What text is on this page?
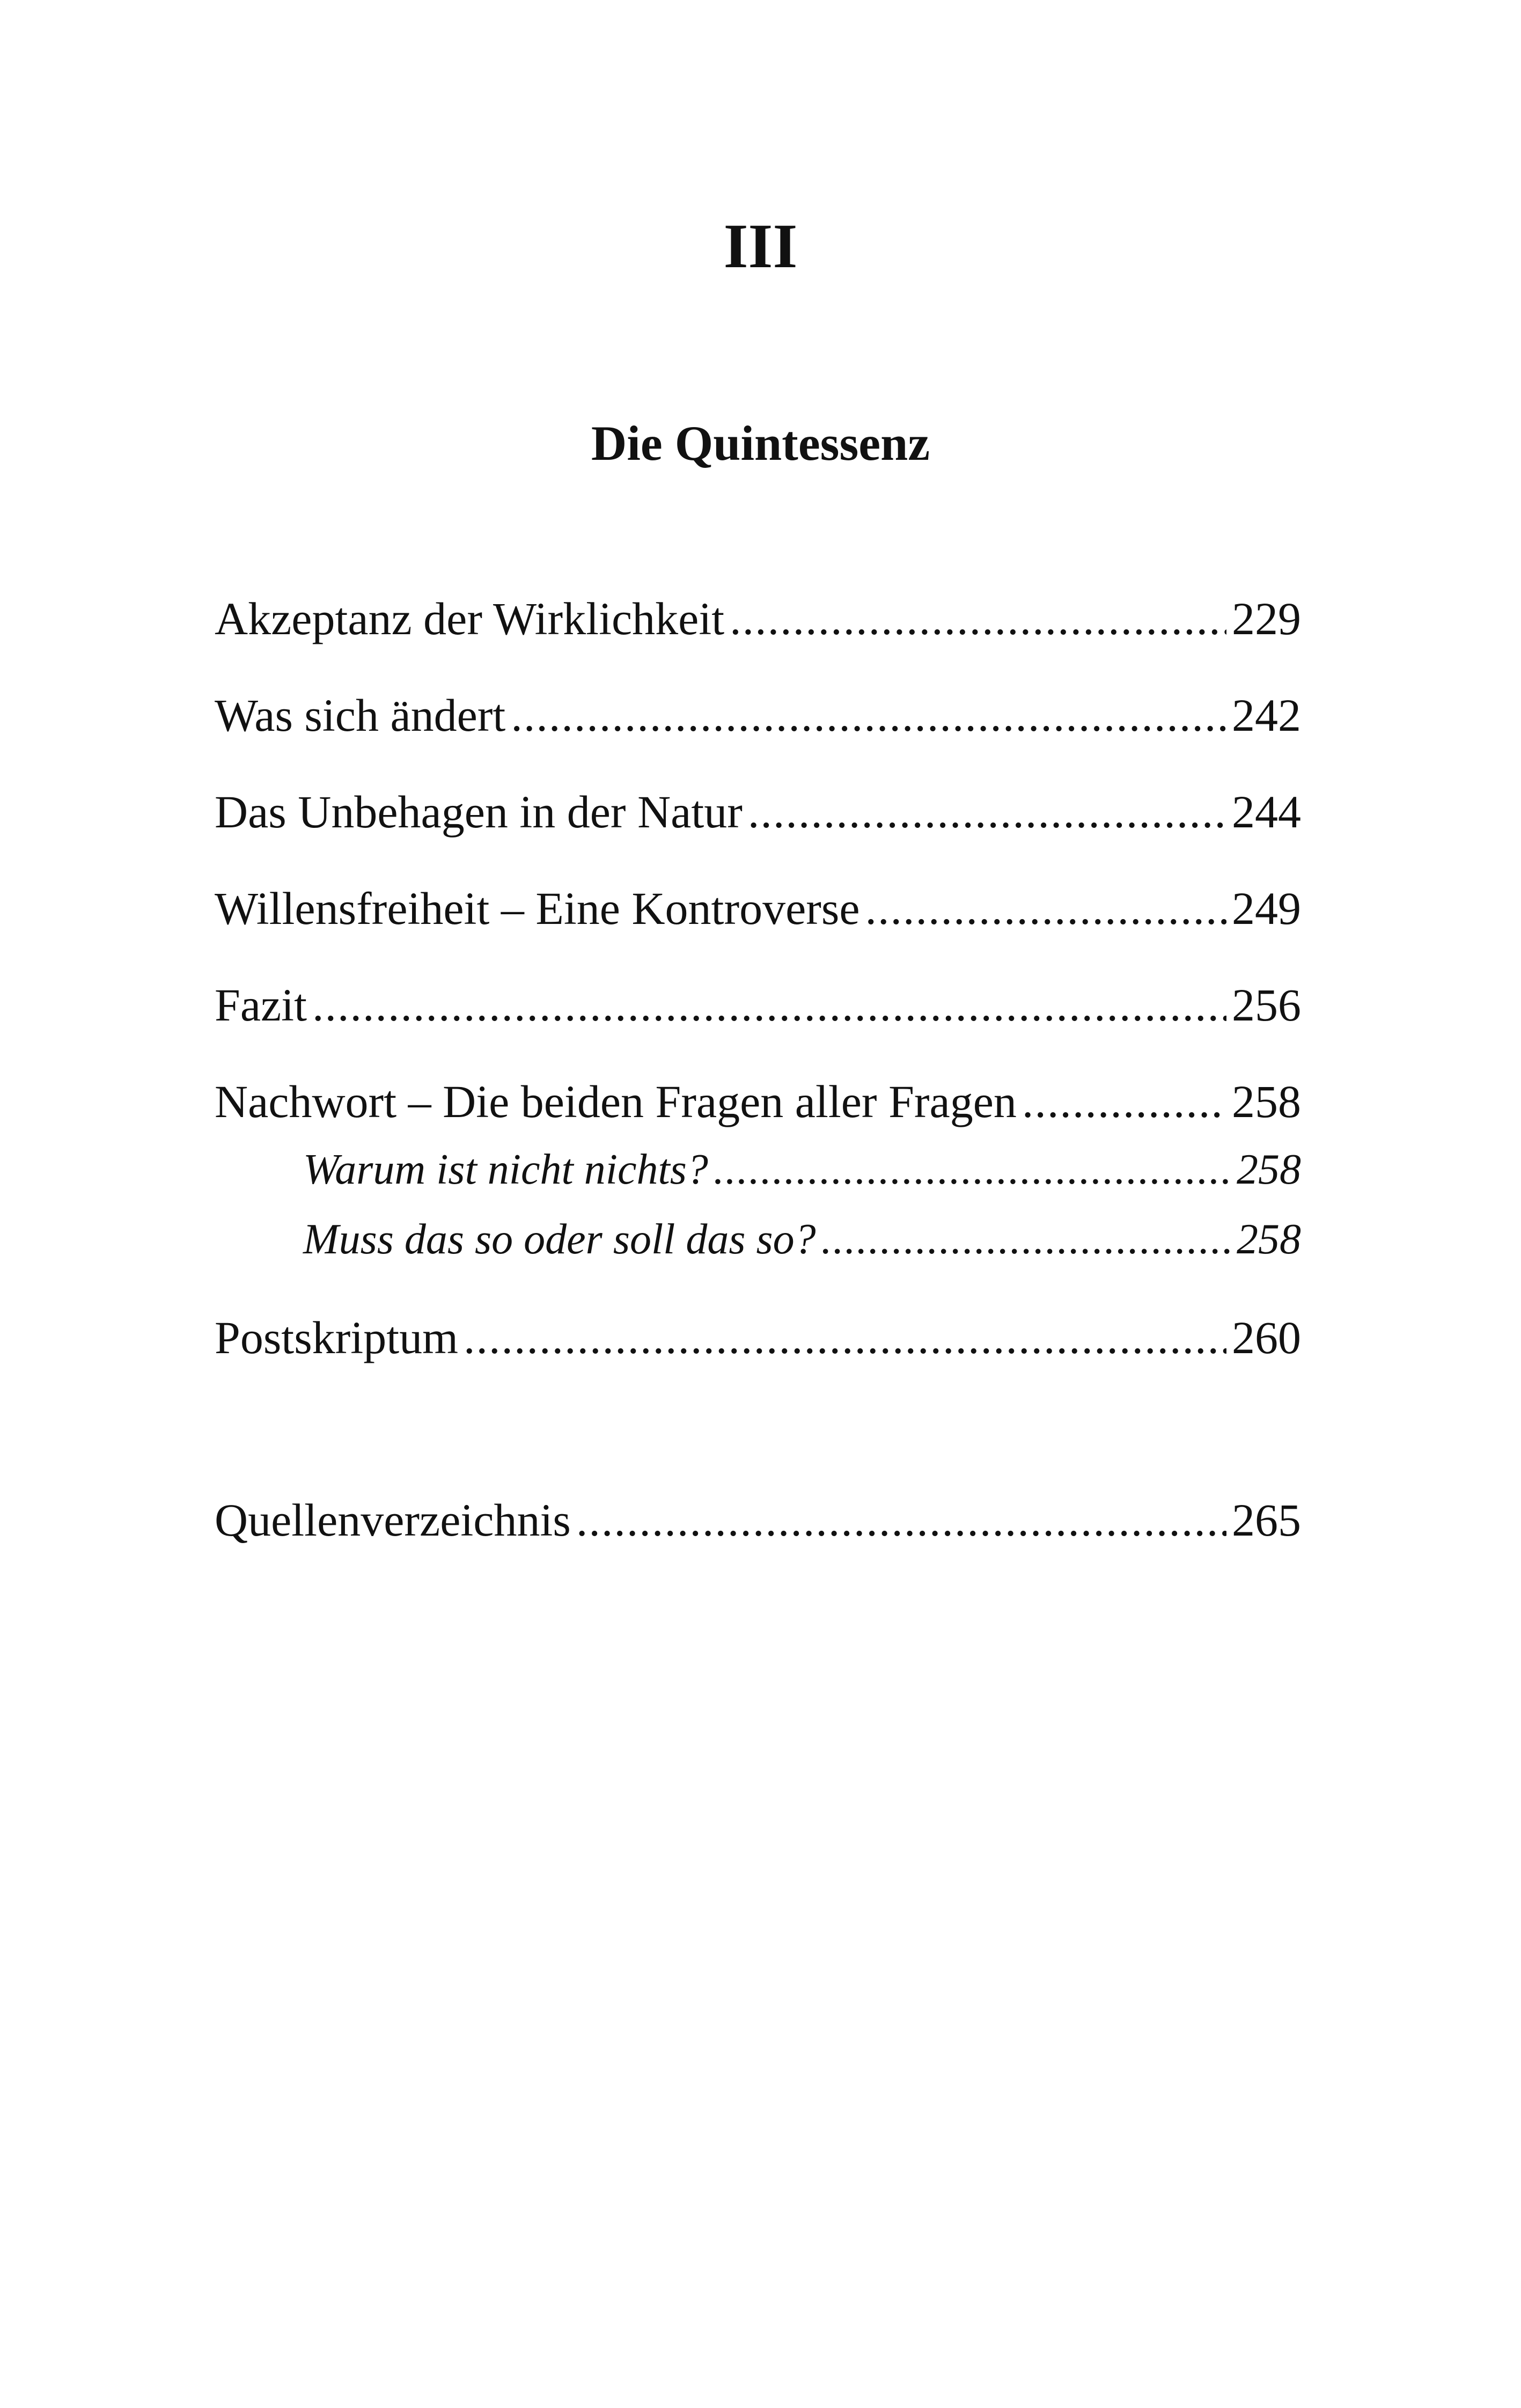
III
Die Quintessenz
Akzeptanz der Wirklichkeit .....	229
Was sich ändert .....	242
Das Unbehagen in der Natur .....	244
Willensfreiheit – Eine Kontroverse .....	249
Fazit .....	256
Nachwort – Die beiden Fragen aller Fragen .....	258
Warum ist nicht nichts? .....	258
Muss das so oder soll das so? .....	258
Postskriptum .....	260
Quellenverzeichnis .....	265
